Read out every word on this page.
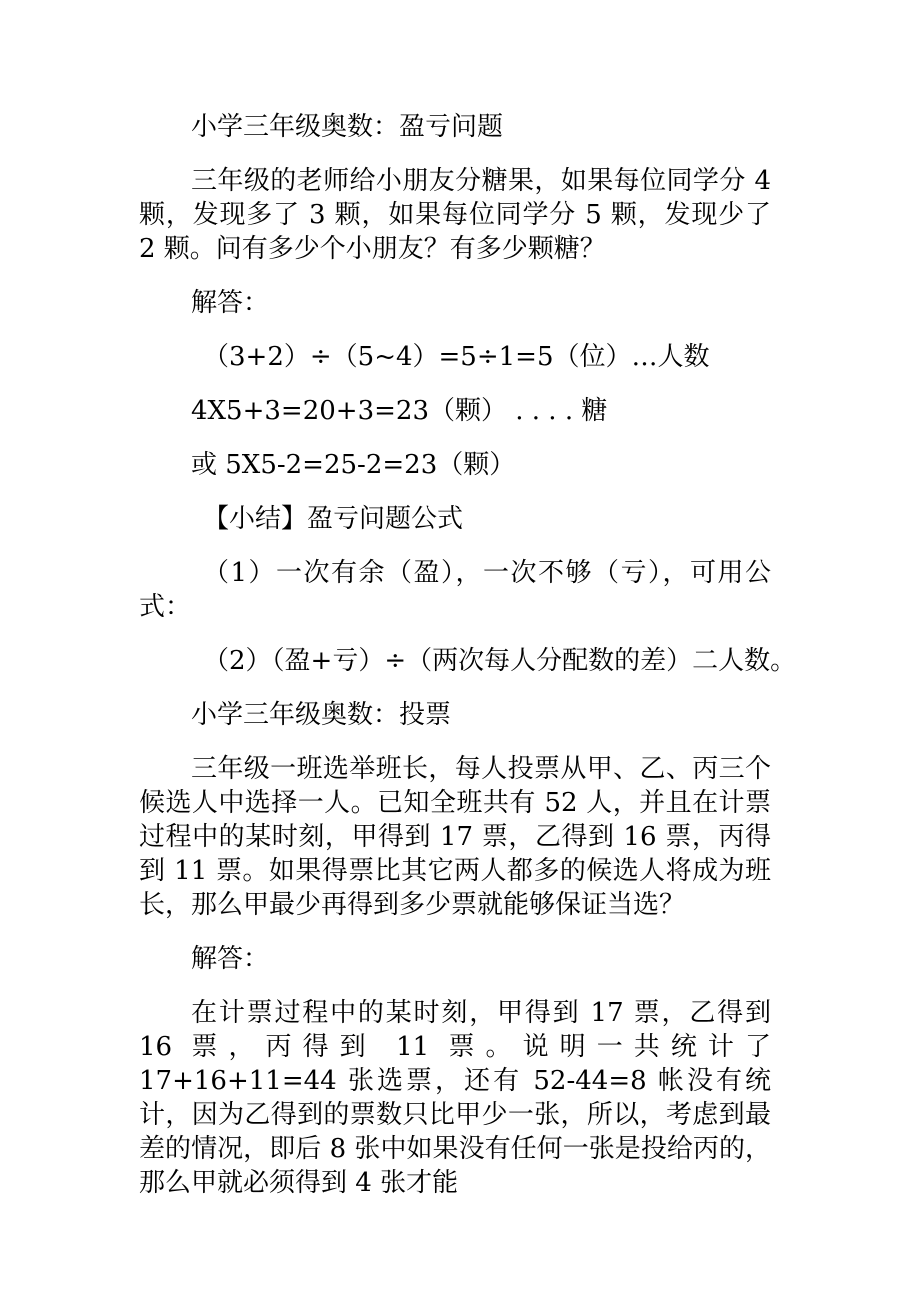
小学三年级奥数：盈亏问题

三年级的老师给小朋友分糖果，如果每位同学分 4 颗，发现多了 3 颗，如果每位同学分 5 颗，发现少了 2 颗。问有多少个小朋友？有多少颗糖？

解答：

（3+2）÷（5~4）=5÷1=5（位）…人数

4X5+3=20+3=23（颗） . . . . 糖

或 5X5-2=25-2=23（颗）

【小结】盈亏问题公式

（1）一次有余（盈），一次不够（亏），可用公式：

（2）（盈+亏）÷（两次每人分配数的差）二人数。

小学三年级奥数：投票

三年级一班选举班长，每人投票从甲、乙、丙三个候选人中选择一人。已知全班共有 52 人，并且在计票过程中的某时刻，甲得到 17 票，乙得到 16 票，丙得到 11 票。如果得票比其它两人都多的候选人将成为班长，那么甲最少再得到多少票就能够保证当选？

解答：

在计票过程中的某时刻，甲得到 17 票，乙得到 16 票，丙得到 11 票。说明一共统计了 17+16+11=44 张选票，还有 52-44=8 帐没有统计，因为乙得到的票数只比甲少一张，所以，考虑到最差的情况，即后 8 张中如果没有任何一张是投给丙的，那么甲就必须得到 4 张才能
